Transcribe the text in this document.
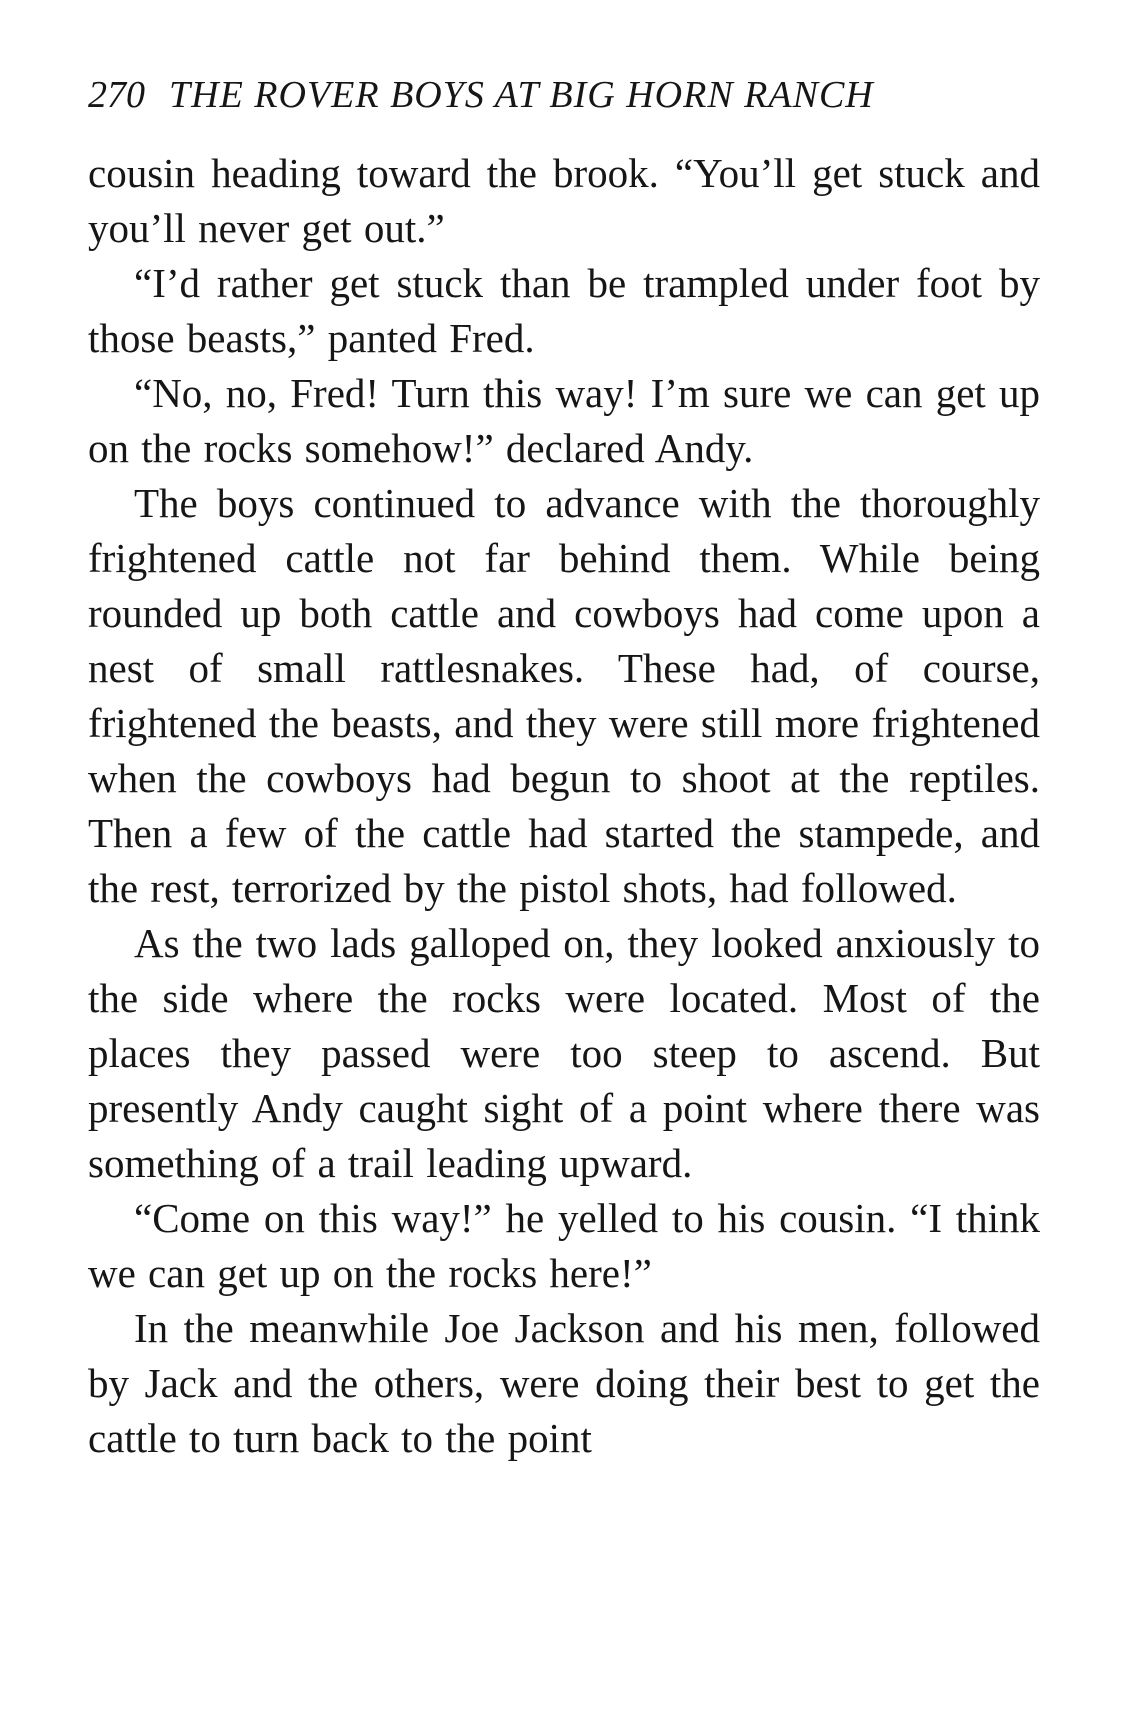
270 THE ROVER BOYS AT BIG HORN RANCH

cousin heading toward the brook. “You’ll get stuck and you’ll never get out.”

“I’d rather get stuck than be trampled under foot by those beasts,” panted Fred.

“No, no, Fred! Turn this way! I’m sure we can get up on the rocks somehow!” declared Andy.

The boys continued to advance with the thoroughly frightened cattle not far behind them. While being rounded up both cattle and cowboys had come upon a nest of small rattlesnakes. These had, of course, frightened the beasts, and they were still more frightened when the cowboys had begun to shoot at the reptiles. Then a few of the cattle had started the stampede, and the rest, terrorized by the pistol shots, had followed.

As the two lads galloped on, they looked anxiously to the side where the rocks were located. Most of the places they passed were too steep to ascend. But presently Andy caught sight of a point where there was something of a trail leading upward.

“Come on this way!” he yelled to his cousin. “I think we can get up on the rocks here!”

In the meanwhile Joe Jackson and his men, followed by Jack and the others, were doing their best to get the cattle to turn back to the point
